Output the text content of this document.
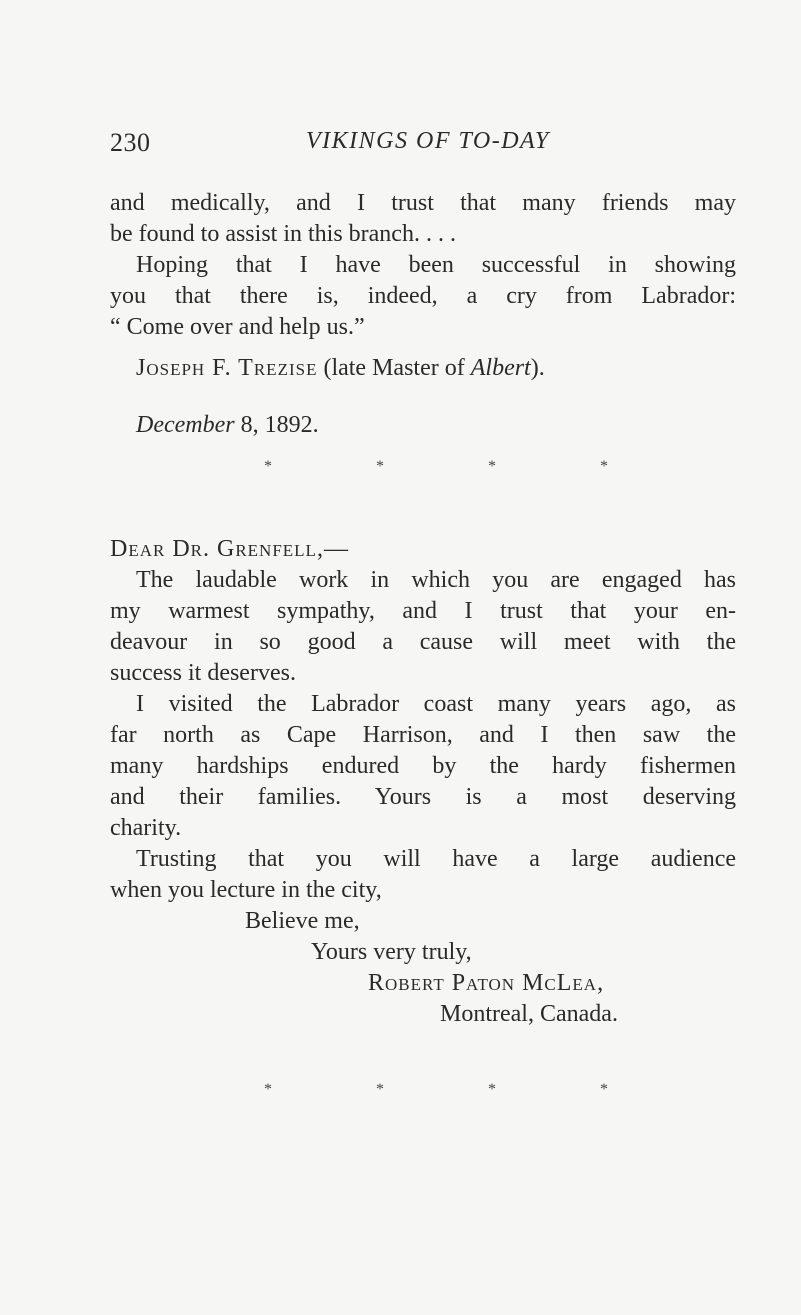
230	VIKINGS OF TO-DAY
and medically, and I trust that many friends may
be found to assist in this branch. . . .
Hoping that I have been successful in showing
you that there is, indeed, a cry from Labrador:
“ Come over and help us.”
Joseph F. Trezise (late Master of Albert).
December 8, 1892.
*	*	*	*
Dear Dr. Grenfell,—
The laudable work in which you are engaged has
my warmest sympathy, and I trust that your en-
deavour in so good a cause will meet with the
success it deserves.
I visited the Labrador coast many years ago, as
far north as Cape Harrison, and I then saw the
many hardships endured by the hardy fishermen
and their families. Yours is a most deserving
charity.
Trusting that you will have a large audience
when you lecture in the city,
Believe me,
Yours very truly,
Robert Paton McLea,
Montreal, Canada.
*	*	*	*
